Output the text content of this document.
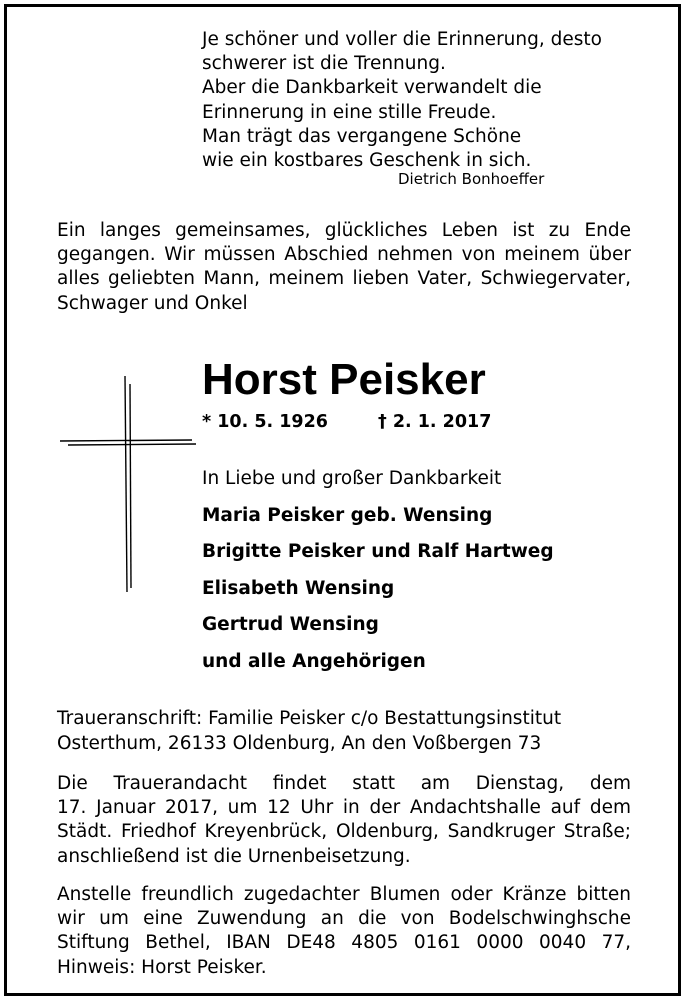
Je schöner und voller die Erinnerung, desto
schwerer ist die Trennung.
Aber die Dankbarkeit verwandelt die
Erinnerung in eine stille Freude.
Man trägt das vergangene Schöne
wie ein kostbares Geschenk in sich.
Dietrich Bonhoeffer
Ein langes gemeinsames, glückliches Leben ist zu Ende
gegangen. Wir müssen Abschied nehmen von meinem über
alles geliebten Mann, meinem lieben Vater, Schwiegervater,
Schwager und Onkel
Horst Peisker
* 10. 5. 1926	† 2. 1. 2017
In Liebe und großer Dankbarkeit
Maria Peisker geb. Wensing
Brigitte Peisker und Ralf Hartweg
Elisabeth Wensing
Gertrud Wensing
und alle Angehörigen
Traueranschrift: Familie Peisker c/o Bestattungsinstitut
Osterthum, 26133 Oldenburg, An den Voßbergen 73
Die Trauerandacht findet statt am Dienstag, dem
17. Januar 2017, um 12 Uhr in der Andachtshalle auf dem
Städt. Friedhof Kreyenbrück, Oldenburg, Sandkruger Straße;
anschließend ist die Urnenbeisetzung.
Anstelle freundlich zugedachter Blumen oder Kränze bitten
wir um eine Zuwendung an die von Bodelschwinghsche
Stiftung Bethel, IBAN DE48 4805 0161 0000 0040 77,
Hinweis: Horst Peisker.
